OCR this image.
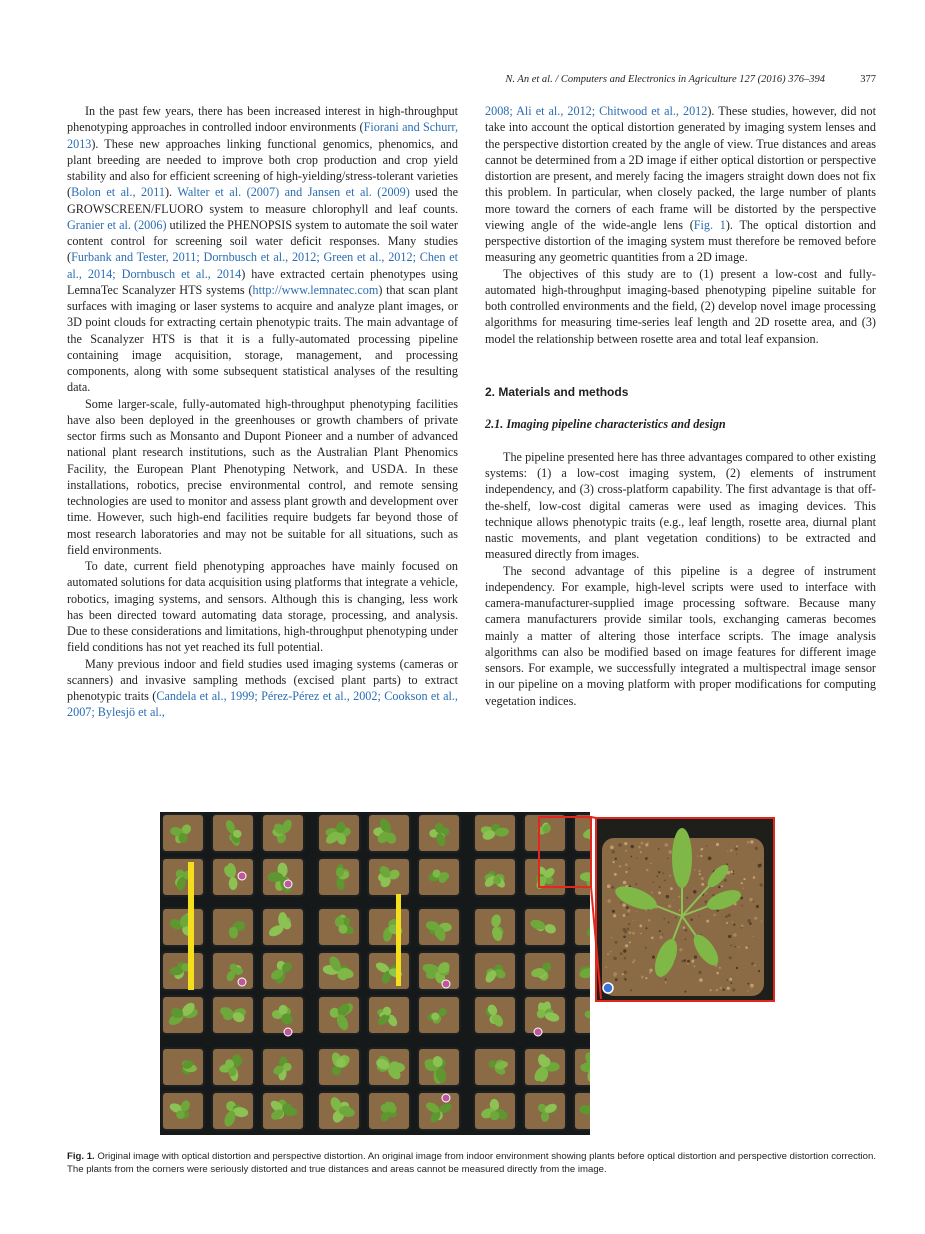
N. An et al. / Computers and Electronics in Agriculture 127 (2016) 376–394	377

In the past few years, there has been increased interest in high-throughput phenotyping approaches in controlled indoor environments (Fiorani and Schurr, 2013). These new approaches linking functional genomics, phenomics, and plant breeding are needed to improve both crop production and crop yield stability and also for efficient screening of high-yielding/stress-tolerant varieties (Bolon et al., 2011). Walter et al. (2007) and Jansen et al. (2009) used the GROWSCREEN/FLUORO system to measure chlorophyll and leaf counts. Granier et al. (2006) utilized the PHENOPSIS system to automate the soil water content control for screening soil water deficit responses. Many studies (Furbank and Tester, 2011; Dornbusch et al., 2012; Green et al., 2012; Chen et al., 2014; Dornbusch et al., 2014) have extracted certain phenotypes using LemnaTec Scanalyzer HTS systems (http://www.lemnatec.com) that scan plant surfaces with imaging or laser systems to acquire and analyze plant images, or 3D point clouds for extracting certain phenotypic traits. The main advantage of the Scanalyzer HTS is that it is a fully-automated processing pipeline containing image acquisition, storage, management, and processing components, along with some subsequent statistical analyses of the resulting data.

Some larger-scale, fully-automated high-throughput phenotyping facilities have also been deployed in the greenhouses or growth chambers of private sector firms such as Monsanto and Dupont Pioneer and a number of advanced national plant research institutions, such as the Australian Plant Phenomics Facility, the European Plant Phenotyping Network, and USDA. In these installations, robotics, precise environmental control, and remote sensing technologies are used to monitor and assess plant growth and development over time. However, such high-end facilities require budgets far beyond those of most research laboratories and may not be suitable for all situations, such as field environments.

To date, current field phenotyping approaches have mainly focused on automated solutions for data acquisition using platforms that integrate a vehicle, robotics, imaging systems, and sensors. Although this is changing, less work has been directed toward automating data storage, processing, and analysis. Due to these considerations and limitations, high-throughput phenotyping under field conditions has not yet reached its full potential.

Many previous indoor and field studies used imaging systems (cameras or scanners) and invasive sampling methods (excised plant parts) to extract phenotypic traits (Candela et al., 1999; Pérez-Pérez et al., 2002; Cookson et al., 2007; Bylesjö et al.,

2008; Ali et al., 2012; Chitwood et al., 2012). These studies, however, did not take into account the optical distortion generated by imaging system lenses and the perspective distortion created by the angle of view. True distances and areas cannot be determined from a 2D image if either optical distortion or perspective distortion are present, and merely facing the imagers straight down does not fix this problem. In particular, when closely packed, the large number of plants more toward the corners of each frame will be distorted by the perspective viewing angle of the wide-angle lens (Fig. 1). The optical distortion and perspective distortion of the imaging system must therefore be removed before measuring any geometric quantities from a 2D image.

The objectives of this study are to (1) present a low-cost and fully-automated high-throughput imaging-based phenotyping pipeline suitable for both controlled environments and the field, (2) develop novel image processing algorithms for measuring time-series leaf length and 2D rosette area, and (3) model the relationship between rosette area and total leaf expansion.

2. Materials and methods
2.1. Imaging pipeline characteristics and design

The pipeline presented here has three advantages compared to other existing systems: (1) a low-cost imaging system, (2) elements of instrument independency, and (3) cross-platform capability. The first advantage is that off-the-shelf, low-cost digital cameras were used as imaging devices. This technique allows phenotypic traits (e.g., leaf length, rosette area, diurnal plant nastic movements, and plant vegetation conditions) to be extracted and measured directly from images.

The second advantage of this pipeline is a degree of instrument independency. For example, high-level scripts were used to interface with camera-manufacturer-supplied image processing software. Because many camera manufacturers provide similar tools, exchanging cameras becomes mainly a matter of altering those interface scripts. The image analysis algorithms can also be modified based on image features for different image sensors. For example, we successfully integrated a multispectral image sensor in our pipeline on a moving platform with proper modifications for computing vegetation indices.

Fig. 1. Original image with optical distortion and perspective distortion. An original image from indoor environment showing plants before optical distortion and perspective distortion correction. The plants from the corners were seriously distorted and true distances and areas cannot be measured directly from the image.
